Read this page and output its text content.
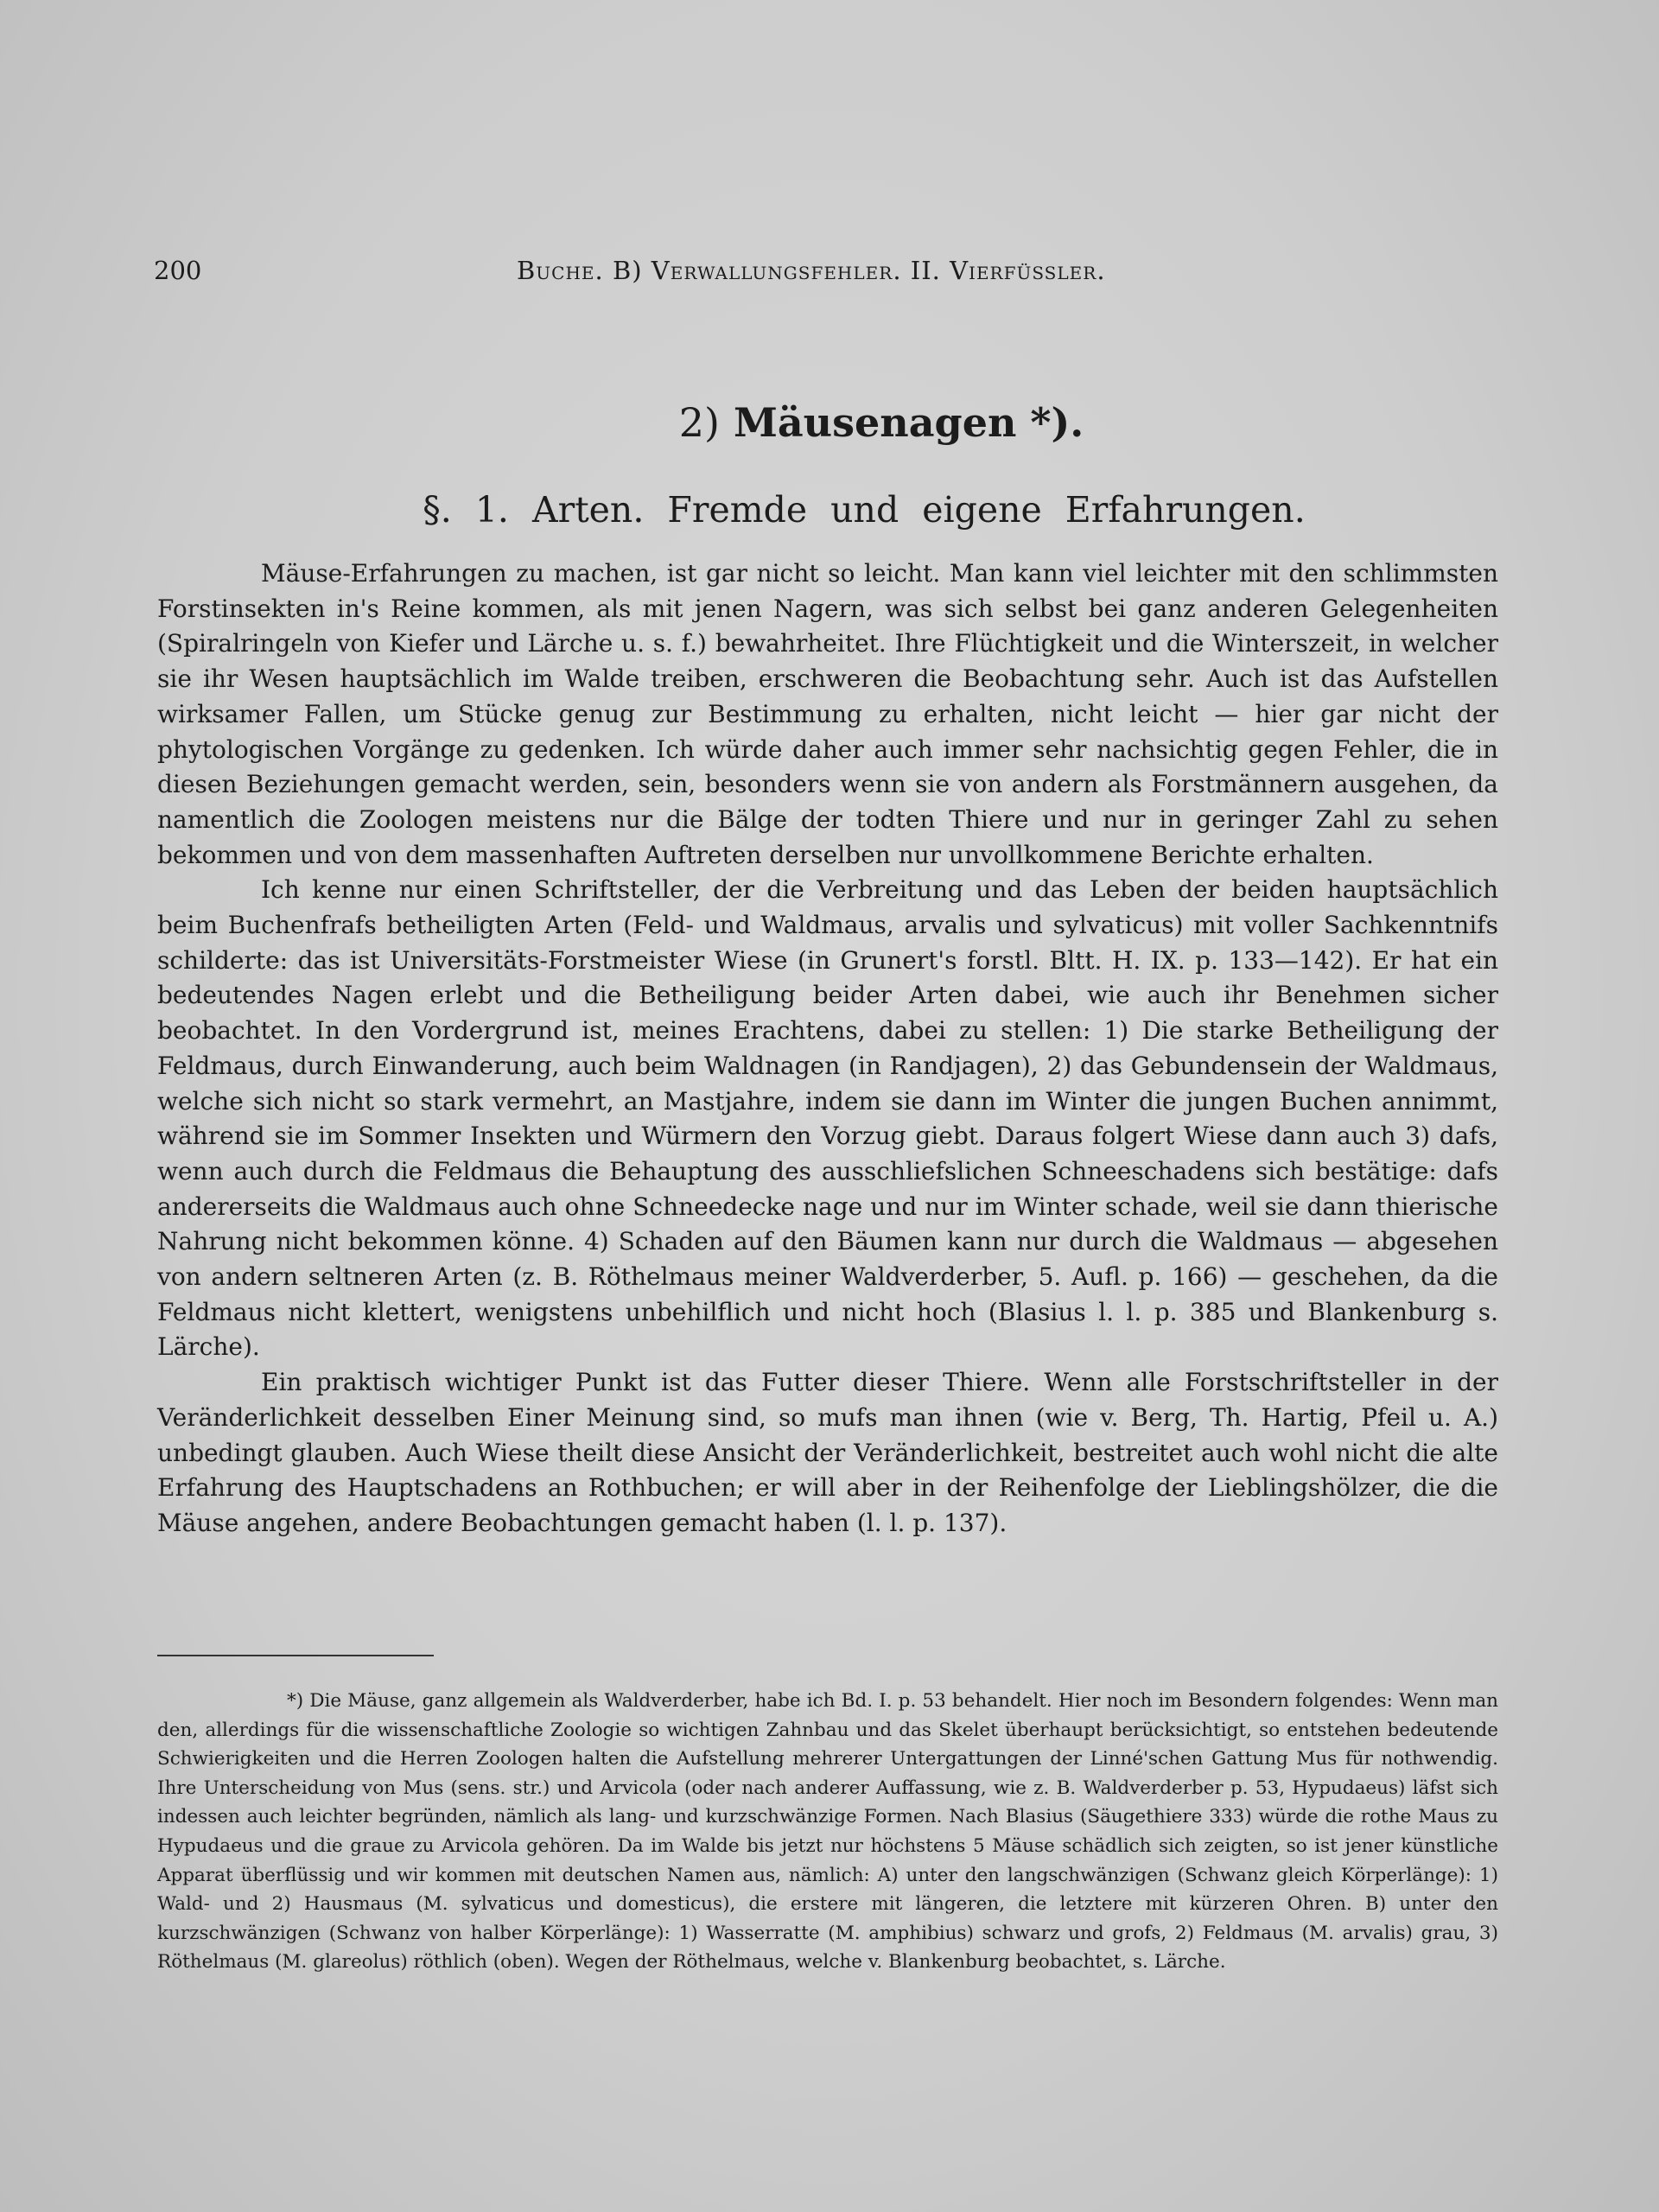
200	Buche. B) Verwallungsfehler. II. Vierfüssler.
2) Mäusenagen *).
§. 1. Arten. Fremde und eigene Erfahrungen.

Mäuse-Erfahrungen zu machen, ist gar nicht so leicht. Man kann viel leichter mit den schlimmsten Forstinsekten in's Reine kommen, als mit jenen Nagern, was sich selbst bei ganz anderen Gelegenheiten (Spiralringeln von Kiefer und Lärche u. s. f.) bewahrheitet. Ihre Flüchtigkeit und die Winterszeit, in welcher sie ihr Wesen hauptsächlich im Walde treiben, erschweren die Beobachtung sehr. Auch ist das Aufstellen wirksamer Fallen, um Stücke genug zur Bestimmung zu erhalten, nicht leicht — hier gar nicht der phytologischen Vorgänge zu gedenken. Ich würde daher auch immer sehr nachsichtig gegen Fehler, die in diesen Beziehungen gemacht werden, sein, besonders wenn sie von andern als Forstmännern ausgehen, da namentlich die Zoologen meistens nur die Bälge der todten Thiere und nur in geringer Zahl zu sehen bekommen und von dem massenhaften Auftreten derselben nur unvollkommene Berichte erhalten.

Ich kenne nur einen Schriftsteller, der die Verbreitung und das Leben der beiden hauptsächlich beim Buchenfrafs betheiligten Arten (Feld- und Waldmaus, arvalis und sylvaticus) mit voller Sachkenntnifs schilderte: das ist Universitäts-Forstmeister Wiese (in Grunert's forstl. Bltt. H. IX. p. 133—142). Er hat ein bedeutendes Nagen erlebt und die Betheiligung beider Arten dabei, wie auch ihr Benehmen sicher beobachtet. In den Vordergrund ist, meines Erachtens, dabei zu stellen: 1) Die starke Betheiligung der Feldmaus, durch Einwanderung, auch beim Waldnagen (in Randjagen), 2) das Gebundensein der Waldmaus, welche sich nicht so stark vermehrt, an Mastjahre, indem sie dann im Winter die jungen Buchen annimmt, während sie im Sommer Insekten und Würmern den Vorzug giebt. Daraus folgert Wiese dann auch 3) dafs, wenn auch durch die Feldmaus die Behauptung des ausschliefslichen Schneeschadens sich bestätige: dafs andererseits die Waldmaus auch ohne Schneedecke nage und nur im Winter schade, weil sie dann thierische Nahrung nicht bekommen könne. 4) Schaden auf den Bäumen kann nur durch die Waldmaus — abgesehen von andern seltneren Arten (z. B. Röthelmaus meiner Waldverderber, 5. Aufl. p. 166) — geschehen, da die Feldmaus nicht klettert, wenigstens unbehilflich und nicht hoch (Blasius l. l. p. 385 und Blankenburg s. Lärche).

Ein praktisch wichtiger Punkt ist das Futter dieser Thiere. Wenn alle Forstschriftsteller in der Veränderlichkeit desselben Einer Meinung sind, so mufs man ihnen (wie v. Berg, Th. Hartig, Pfeil u. A.) unbedingt glauben. Auch Wiese theilt diese Ansicht der Veränderlichkeit, bestreitet auch wohl nicht die alte Erfahrung des Hauptschadens an Rothbuchen; er will aber in der Reihenfolge der Lieblingshölzer, die die Mäuse angehen, andere Beobachtungen gemacht haben (l. l. p. 137).

*) Die Mäuse, ganz allgemein als Waldverderber, habe ich Bd. I. p. 53 behandelt. Hier noch im Besondern folgendes: Wenn man den, allerdings für die wissenschaftliche Zoologie so wichtigen Zahnbau und das Skelet überhaupt berücksichtigt, so entstehen bedeutende Schwierigkeiten und die Herren Zoologen halten die Aufstellung mehrerer Untergattungen der Linné'schen Gattung Mus für nothwendig. Ihre Unterscheidung von Mus (sens. str.) und Arvicola (oder nach anderer Auffassung, wie z. B. Waldverderber p. 53, Hypudaeus) läfst sich indessen auch leichter begründen, nämlich als lang- und kurzschwänzige Formen. Nach Blasius (Säugethiere 333) würde die rothe Maus zu Hypudaeus und die graue zu Arvicola gehören. Da im Walde bis jetzt nur höchstens 5 Mäuse schädlich sich zeigten, so ist jener künstliche Apparat überflüssig und wir kommen mit deutschen Namen aus, nämlich: A) unter den langschwänzigen (Schwanz gleich Körperlänge): 1) Wald- und 2) Hausmaus (M. sylvaticus und domesticus), die erstere mit längeren, die letztere mit kürzeren Ohren. B) unter den kurzschwänzigen (Schwanz von halber Körperlänge): 1) Wasserratte (M. amphibius) schwarz und grofs, 2) Feldmaus (M. arvalis) grau, 3) Röthelmaus (M. glareolus) röthlich (oben). Wegen der Röthelmaus, welche v. Blankenburg beobachtet, s. Lärche.
